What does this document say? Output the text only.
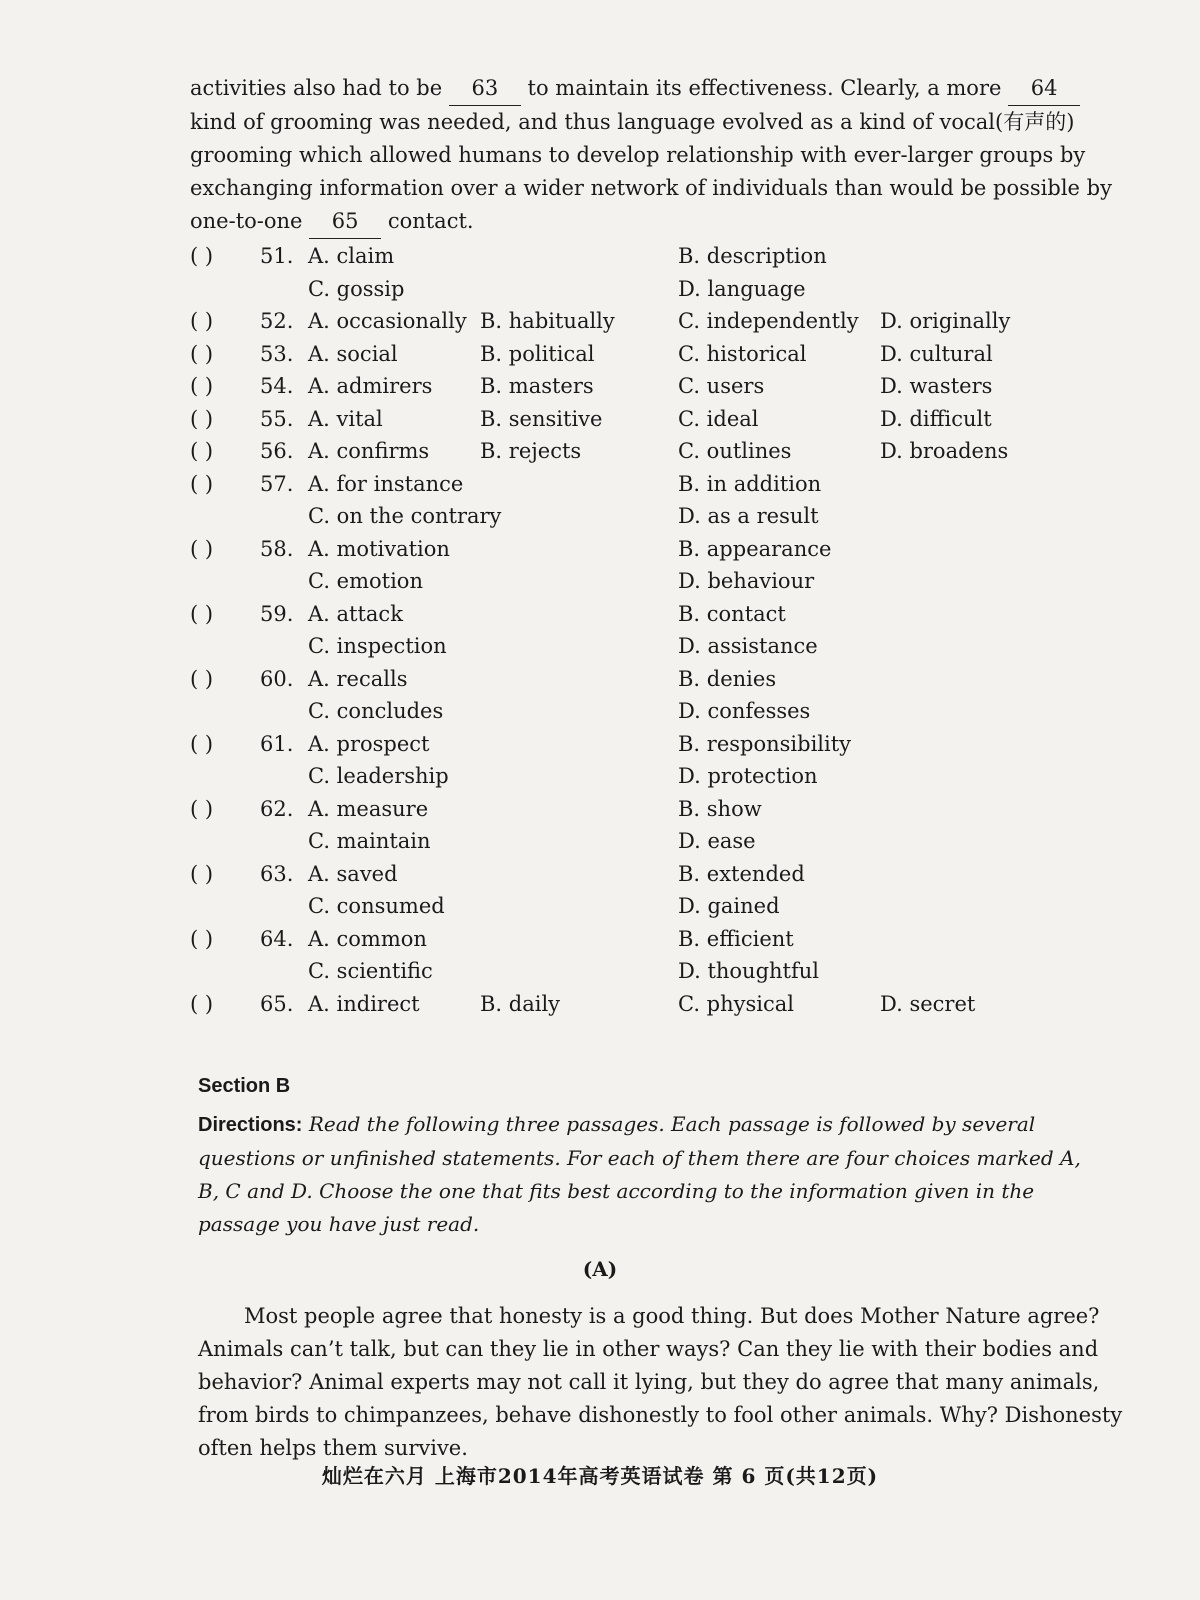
activities also had to be 63 to maintain its effectiveness. Clearly, a more 64
kind of grooming was needed, and thus language evolved as a kind of vocal(有声的)
grooming which allowed humans to develop relationship with ever-larger groups by
exchanging information over a wider network of individuals than would be possible by
one-to-one 65 contact.
( ) 51. A. claim	B. description
C. gossip	D. language
( ) 52. A. occasionally B. habitually	C. independently D. originally
( ) 53. A. social	B. political	C. historical	D. cultural
( ) 54. A. admirers B. masters	C. users	D. wasters
( ) 55. A. vital	B. sensitive	C. ideal	D. difficult
( ) 56. A. confirms B. rejects	C. outlines	D. broadens
( ) 57. A. for instance	B. in addition
C. on the contrary	D. as a result
( ) 58. A. motivation	B. appearance
C. emotion	D. behaviour
( ) 59. A. attack	B. contact
C. inspection	D. assistance
( ) 60. A. recalls	B. denies
C. concludes	D. confesses
( ) 61. A. prospect	B. responsibility
C. leadership	D. protection
( ) 62. A. measure	B. show
C. maintain	D. ease
( ) 63. A. saved	B. extended
C. consumed	D. gained
( ) 64. A. common	B. efficient
C. scientific	D. thoughtful
( ) 65. A. indirect	B. daily	C. physical	D. secret
Section B
Directions: Read the following three passages. Each passage is followed by several
questions or unfinished statements. For each of them there are four choices marked A,
B, C and D. Choose the one that fits best according to the information given in the
passage you have just read.
(A)
Most people agree that honesty is a good thing. But does Mother Nature agree?
Animals can’t talk, but can they lie in other ways? Can they lie with their bodies and
behavior? Animal experts may not call it lying, but they do agree that many animals,
from birds to chimpanzees, behave dishonestly to fool other animals. Why? Dishonesty
often helps them survive.
灿烂在六月 上海市2014年高考英语试卷 第 6 页(共12页)
